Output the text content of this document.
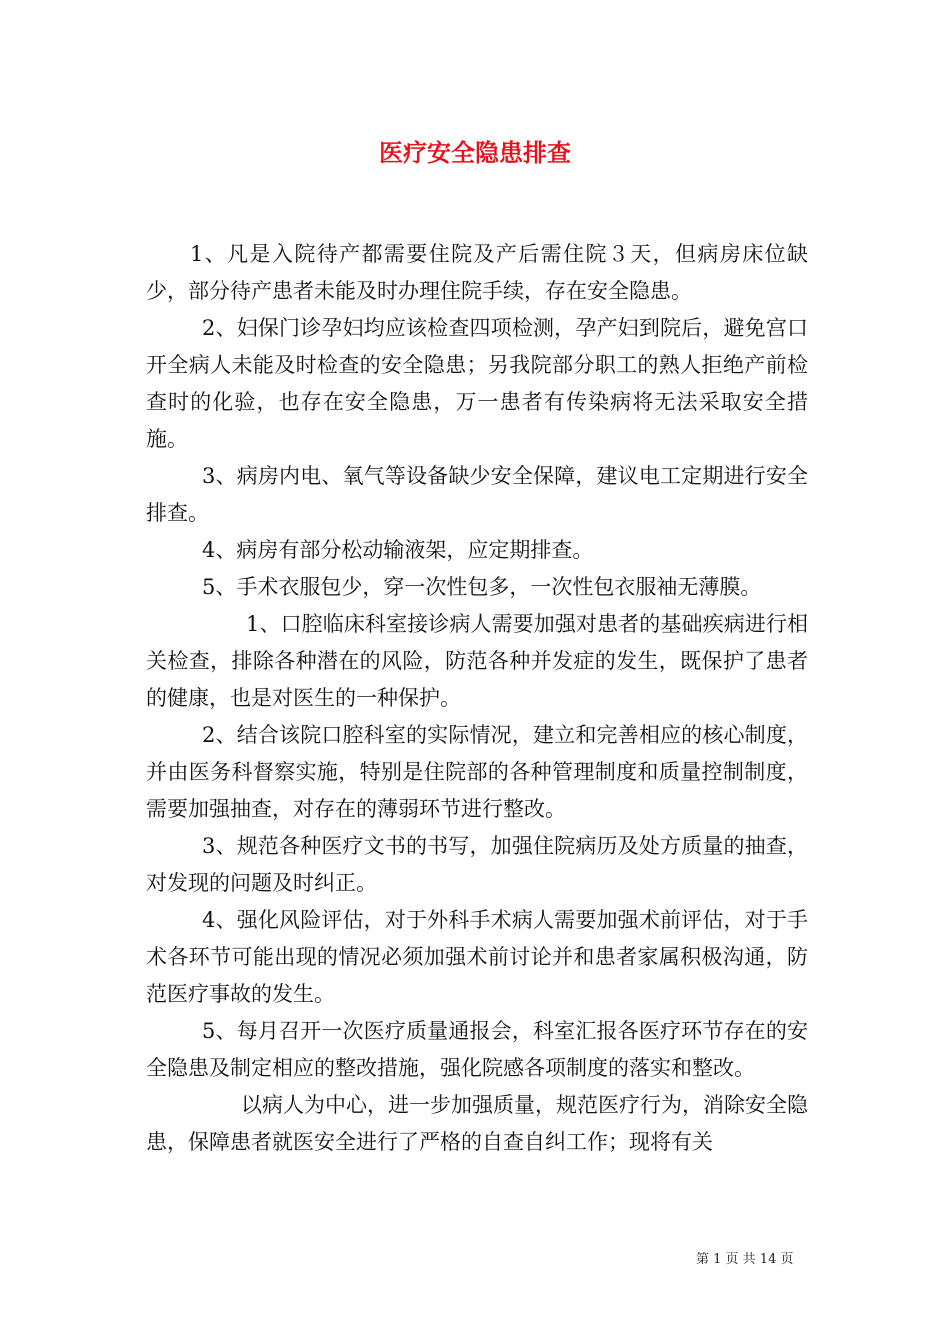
医疗安全隐患排查

1、凡是入院待产都需要住院及产后需住院３天，但病房床位缺少，部分待产患者未能及时办理住院手续，存在安全隐患。

2、妇保门诊孕妇均应该检查四项检测，孕产妇到院后，避免宫口开全病人未能及时检查的安全隐患；另我院部分职工的熟人拒绝产前检查时的化验，也存在安全隐患，万一患者有传染病将无法采取安全措施。

3、病房内电、氧气等设备缺少安全保障，建议电工定期进行安全排查。

4、病房有部分松动输液架，应定期排查。

5、手术衣服包少，穿一次性包多，一次性包衣服袖无薄膜。

1、口腔临床科室接诊病人需要加强对患者的基础疾病进行相关检查，排除各种潜在的风险，防范各种并发症的发生，既保护了患者的健康，也是对医生的一种保护。

2、结合该院口腔科室的实际情况，建立和完善相应的核心制度，并由医务科督察实施，特别是住院部的各种管理制度和质量控制制度，需要加强抽查，对存在的薄弱环节进行整改。

3、规范各种医疗文书的书写，加强住院病历及处方质量的抽查，对发现的问题及时纠正。

4、强化风险评估，对于外科手术病人需要加强术前评估，对于手术各环节可能出现的情况必须加强术前讨论并和患者家属积极沟通，防范医疗事故的发生。

5、每月召开一次医疗质量通报会，科室汇报各医疗环节存在的安全隐患及制定相应的整改措施，强化院感各项制度的落实和整改。

以病人为中心，进一步加强质量，规范医疗行为，消除安全隐患，保障患者就医安全进行了严格的自查自纠工作；现将有关

第 1 页 共 14 页
